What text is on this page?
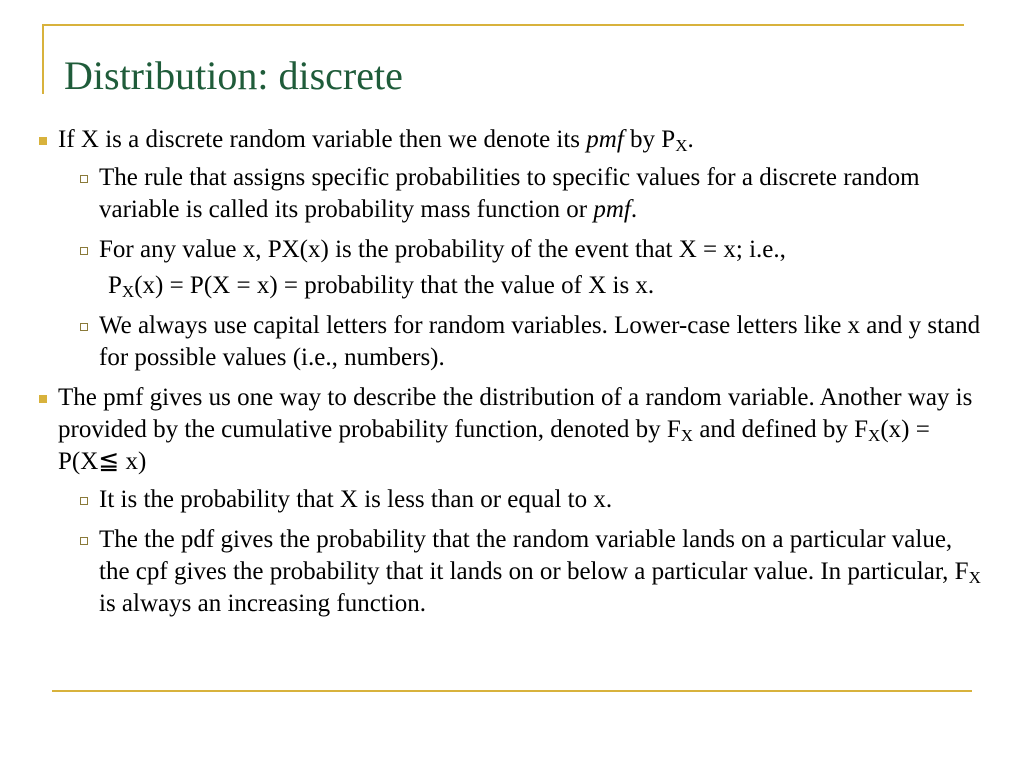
Distribution: discrete
If X is a discrete random variable then we denote its pmf by $P_X$.
The rule that assigns specific probabilities to specific values for a discrete random variable is called its probability mass function or pmf.
For any value x, PX(x) is the probability of the event that X = x; i.e.,
$P_X(x) = P(X = x)$ = probability that the value of X is x.
We always use capital letters for random variables. Lower-case letters like x and y stand for possible values (i.e., numbers).
The pmf gives us one way to describe the distribution of a random variable. Another way is provided by the cumulative probability function, denoted by $F_X$ and defined by $F_X(x)$ = P(X≦ x)
It is the probability that X is less than or equal to x.
The the pdf gives the probability that the random variable lands on a particular value, the cpf gives the probability that it lands on or below a particular value. In particular, $F_X$ is always an increasing function.
